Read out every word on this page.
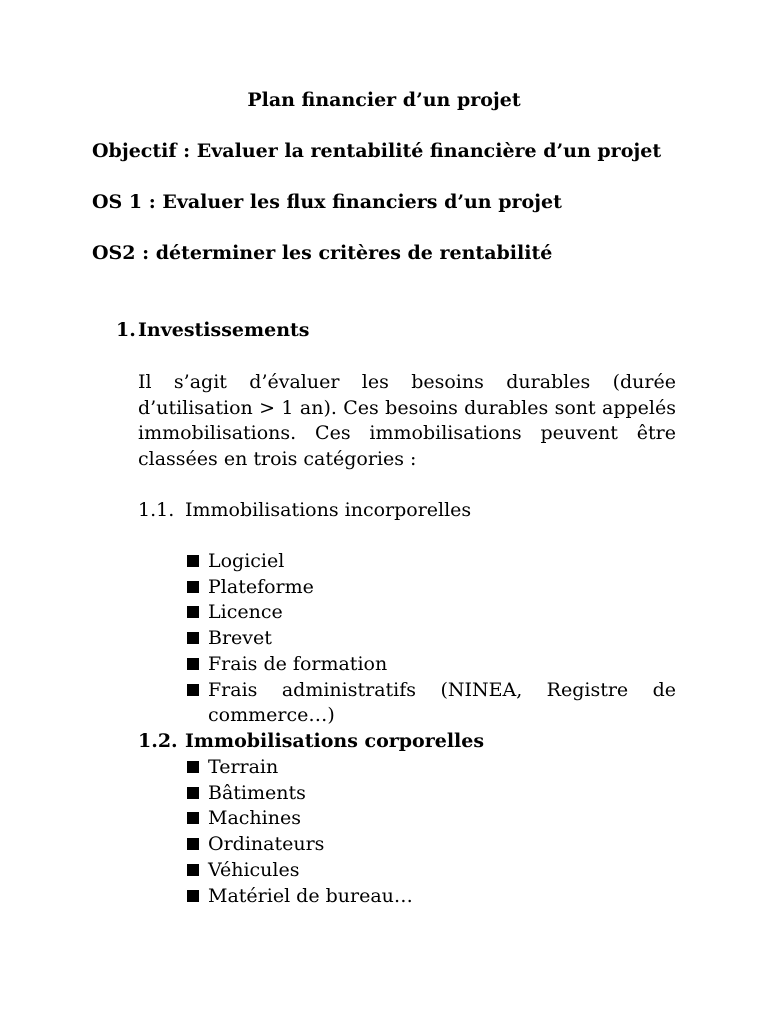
Plan financier d’un projet
Objectif : Evaluer la rentabilité financière d’un projet
OS 1 : Evaluer les flux financiers d’un projet
OS2 : déterminer les critères de rentabilité
1. Investissements
Il s’agit d’évaluer les besoins durables (durée d’utilisation > 1 an). Ces besoins durables sont appelés immobilisations. Ces immobilisations peuvent être classées en trois catégories :
1.1. Immobilisations incorporelles
Logiciel
Plateforme
Licence
Brevet
Frais de formation
Frais administratifs (NINEA, Registre de commerce…)
1.2. Immobilisations corporelles
Terrain
Bâtiments
Machines
Ordinateurs
Véhicules
Matériel de bureau…
